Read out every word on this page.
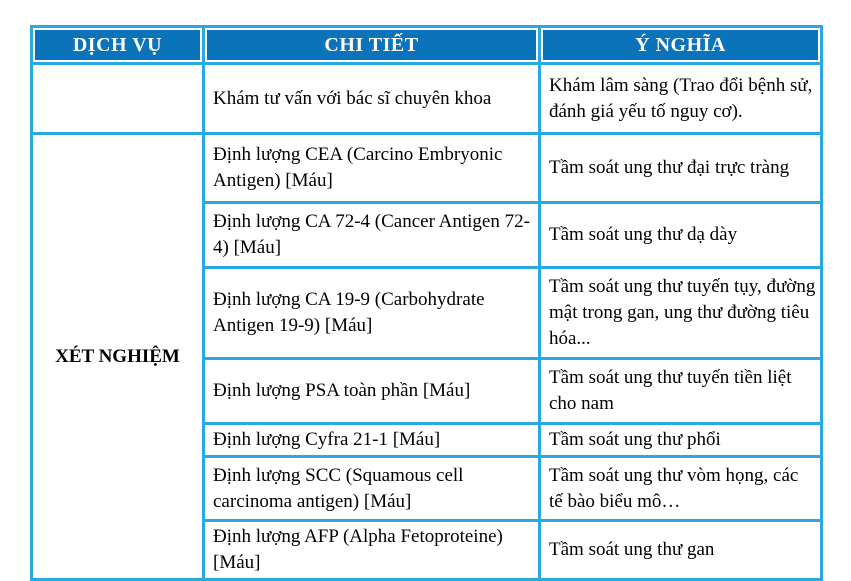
DỊCH VỤ	CHI TIẾT	Ý NGHĨA
	Khám tư vấn với bác sĩ chuyên khoa	Khám lâm sàng (Trao đổi bệnh sử, đánh giá yếu tố nguy cơ).
XÉT NGHIỆM	Định lượng CEA (Carcino Embryonic Antigen) [Máu]	Tầm soát ung thư đại trực tràng
	Định lượng CA 72-4 (Cancer Antigen 72-4) [Máu]	Tầm soát ung thư dạ dày
	Định lượng CA 19-9 (Carbohydrate Antigen 19-9) [Máu]	Tầm soát ung thư tuyến tụy, đường mật trong gan, ung thư đường tiêu hóa...
	Định lượng PSA toàn phần [Máu]	Tầm soát ung thư tuyến tiền liệt cho nam
	Định lượng Cyfra 21-1 [Máu]	Tầm soát ung thư phổi
	Định lượng SCC (Squamous cell carcinoma antigen) [Máu]	Tầm soát ung thư vòm họng, các tế bào biểu mô…
	Định lượng AFP (Alpha Fetoproteine) [Máu]	Tầm soát ung thư gan
